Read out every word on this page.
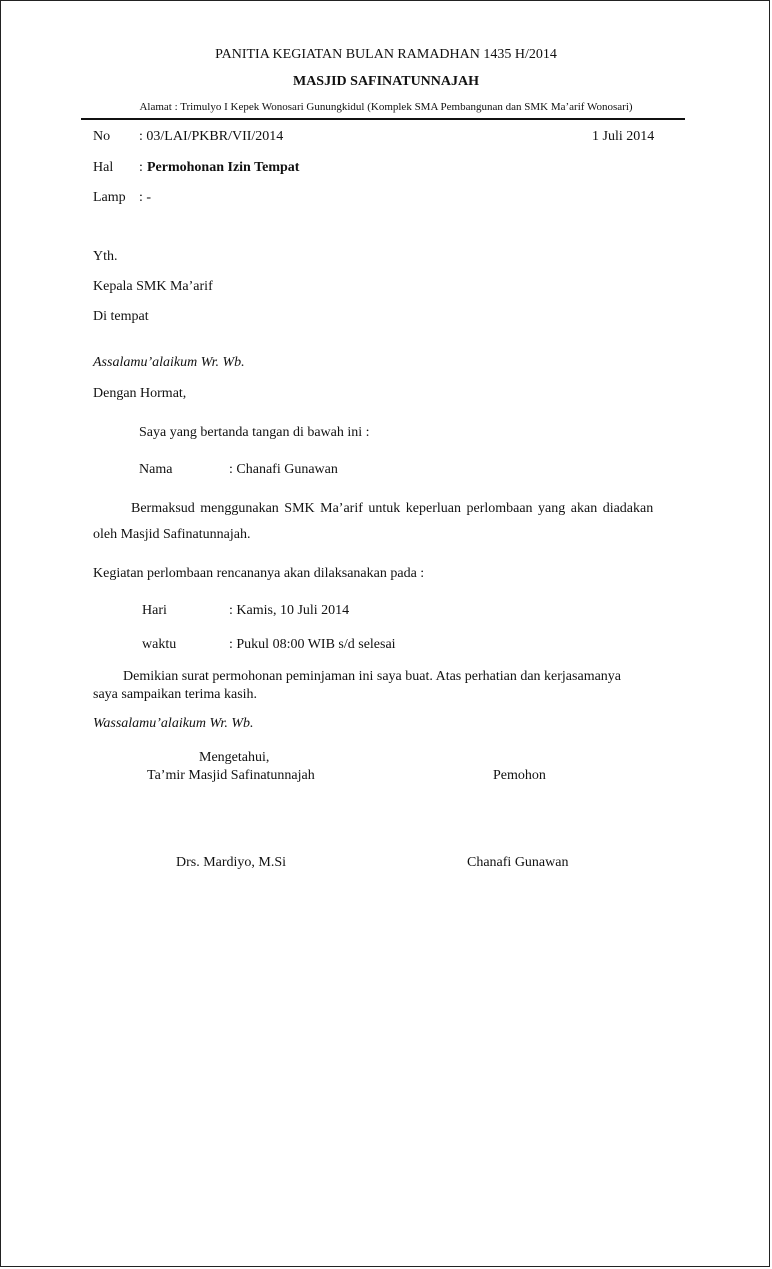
PANITIA KEGIATAN BULAN RAMADHAN 1435 H/2014
MASJID SAFINATUNNAJAH
Alamat : Trimulyo I Kepek Wonosari Gunungkidul (Komplek SMA Pembangunan dan SMK Ma’arif Wonosari)
No : 03/LAI/PKBR/VII/2014	1 Juli 2014
Hal : Permohonan Izin Tempat
Lamp : -
Yth.
Kepala SMK Ma’arif
Di tempat
Assalamu’alaikum Wr. Wb.
Dengan Hormat,
Saya yang bertanda tangan di bawah ini :
Nama	: Chanafi Gunawan
Bermaksud menggunakan SMK Ma’arif untuk keperluan perlombaan yang akan diadakan
oleh Masjid Safinatunnajah.
Kegiatan perlombaan rencananya akan dilaksanakan pada :
Hari	: Kamis, 10 Juli 2014
waktu	: Pukul 08:00 WIB s/d selesai
Demikian surat permohonan peminjaman ini saya buat. Atas perhatian dan kerjasamanya
saya sampaikan terima kasih.
Wassalamu’alaikum Wr. Wb.
Mengetahui,
Ta’mir Masjid Safinatunnajah	Pemohon
Drs. Mardiyo, M.Si	Chanafi Gunawan
